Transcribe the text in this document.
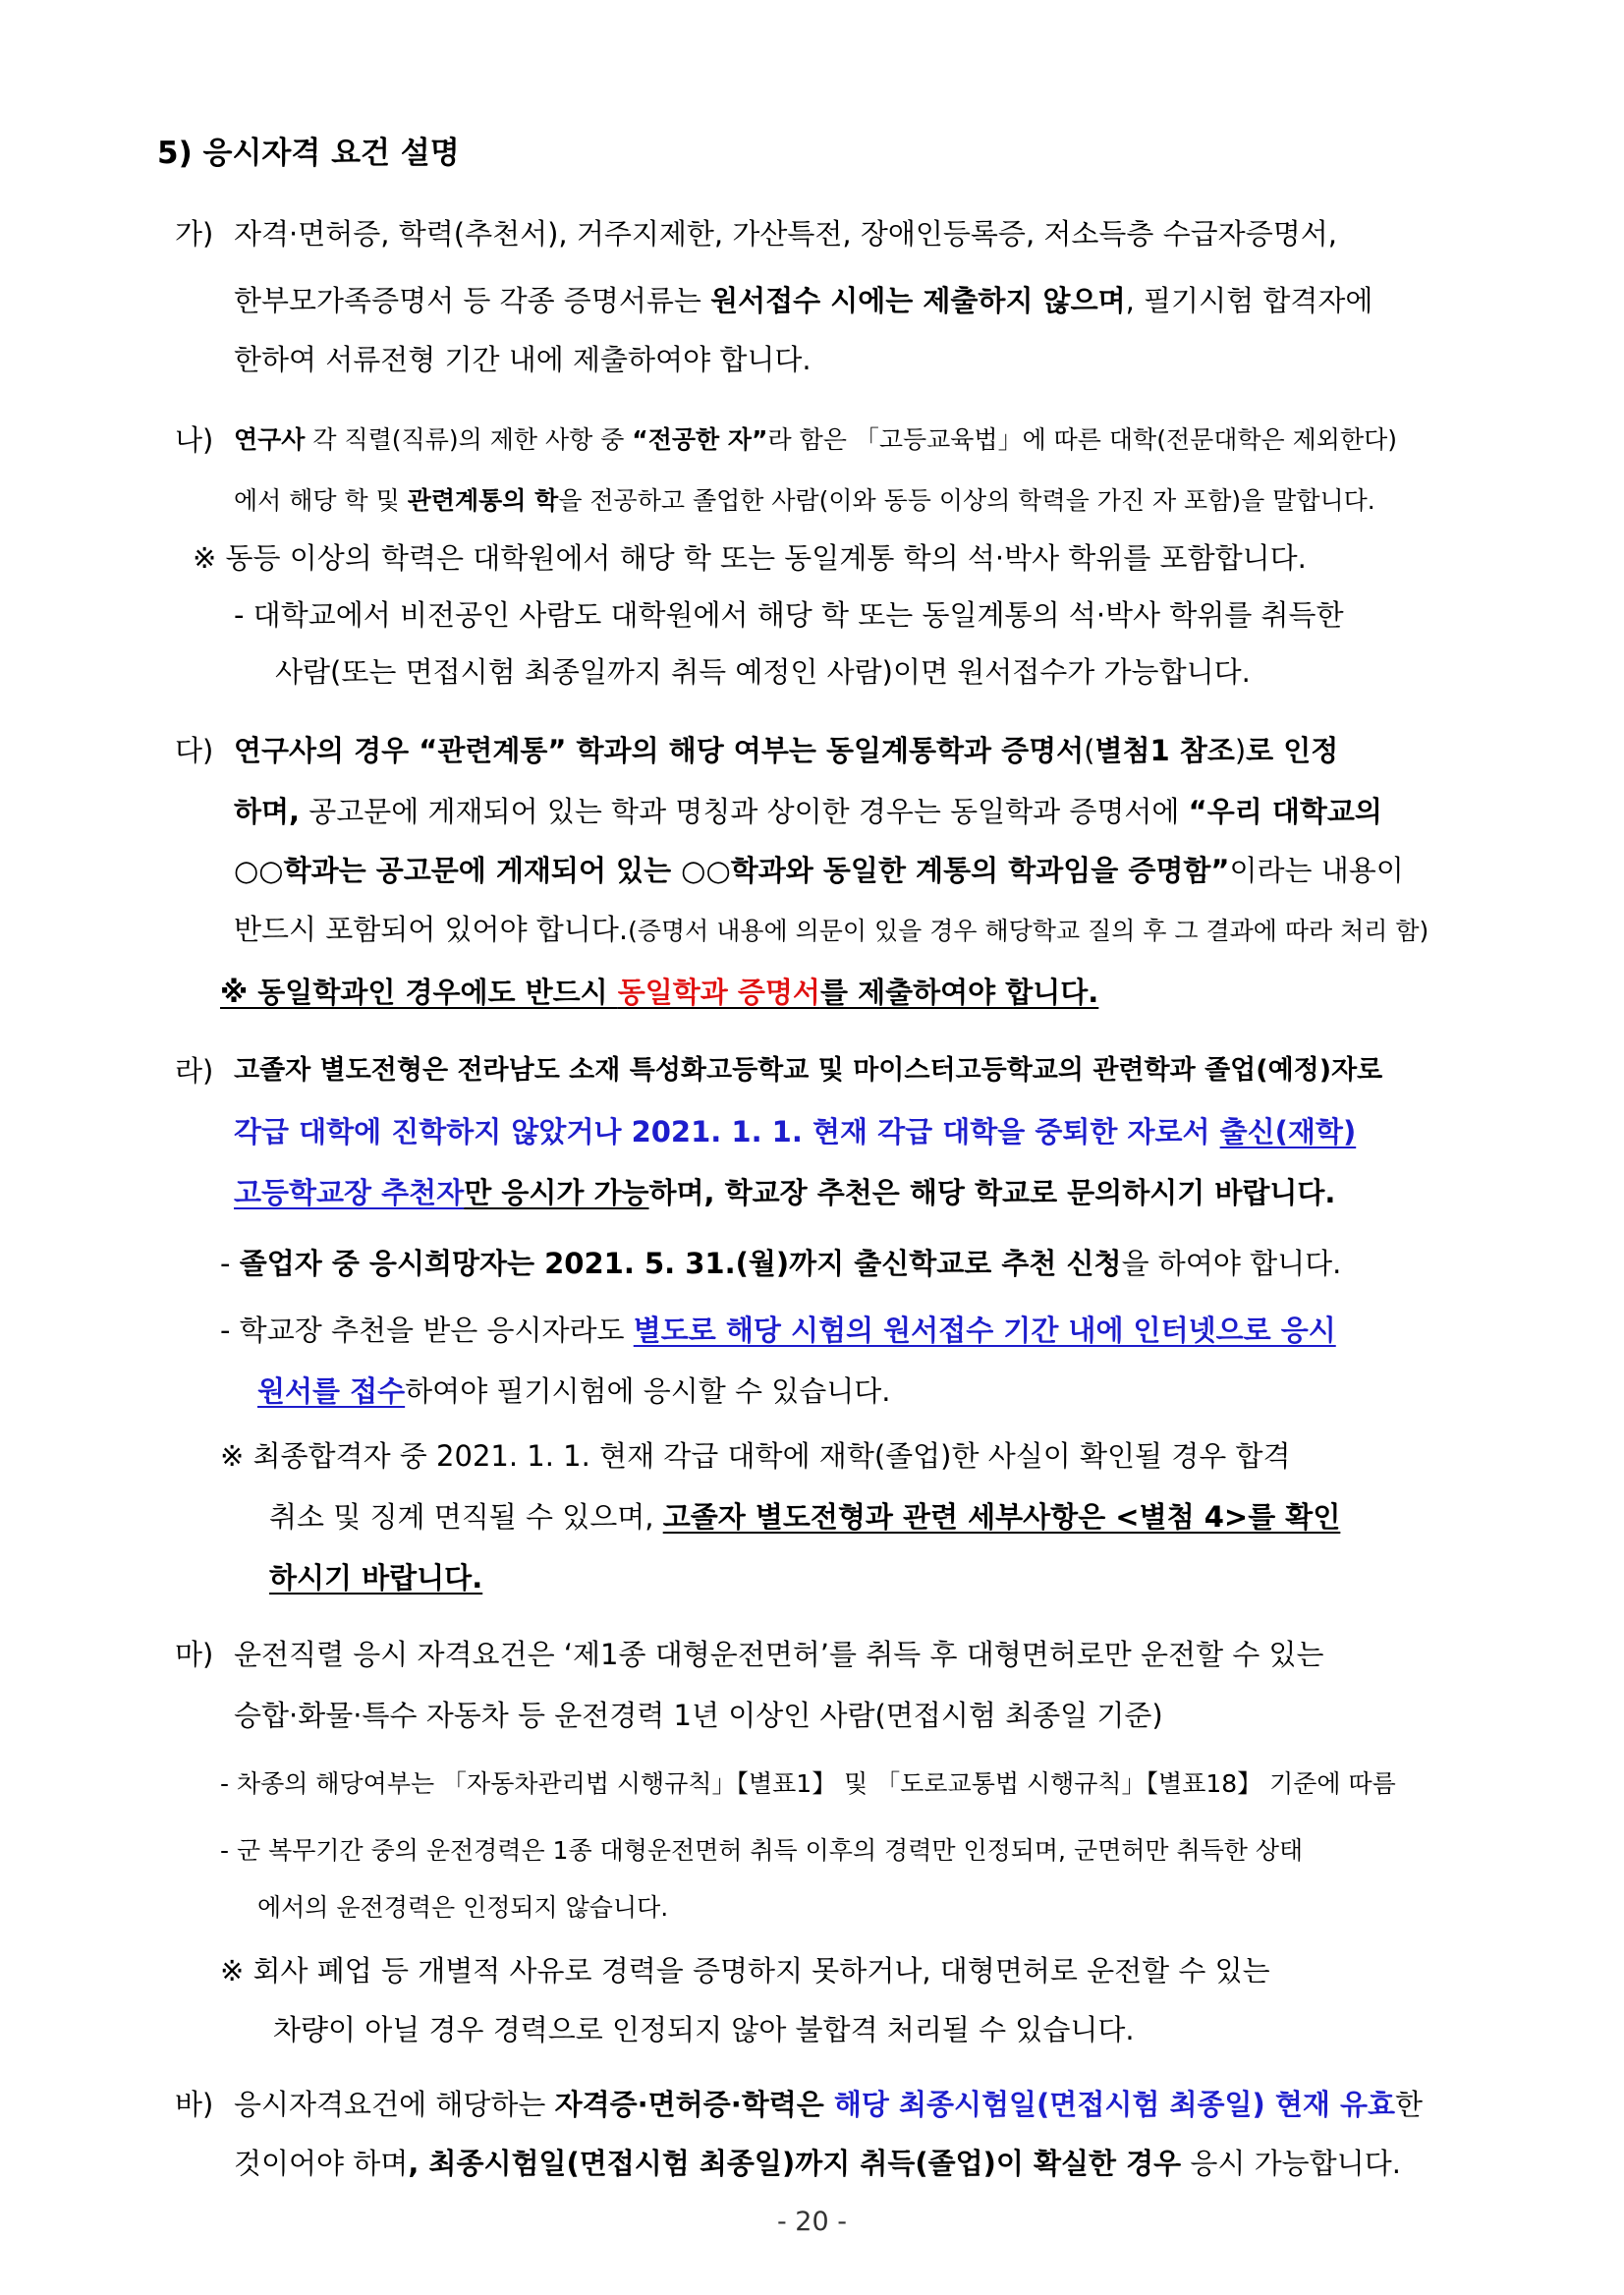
5) 응시자격 요건 설명
가) 자격·면허증, 학력(추천서), 거주지제한, 가산특전, 장애인등록증, 저소득층 수급자증명서,
한부모가족증명서 등 각종 증명서류는 원서접수 시에는 제출하지 않으며, 필기시험 합격자에
한하여 서류전형 기간 내에 제출하여야 합니다.
나) 연구사 각 직렬(직류)의 제한 사항 중 “전공한 자”라 함은 「고등교육법」에 따른 대학(전문대학은 제외한다)
에서 해당 학 및 관련계통의 학을 전공하고 졸업한 사람(이와 동등 이상의 학력을 가진 자 포함)을 말합니다.
※ 동등 이상의 학력은 대학원에서 해당 학 또는 동일계통 학의 석·박사 학위를 포함합니다.
- 대학교에서 비전공인 사람도 대학원에서 해당 학 또는 동일계통의 석·박사 학위를 취득한
사람(또는 면접시험 최종일까지 취득 예정인 사람)이면 원서접수가 가능합니다.
다) 연구사의 경우 “관련계통” 학과의 해당 여부는 동일계통학과 증명서(별첨1 참조)로 인정
하며, 공고문에 게재되어 있는 학과 명칭과 상이한 경우는 동일학과 증명서에 “우리 대학교의
○○학과는 공고문에 게재되어 있는 ○○학과와 동일한 계통의 학과임을 증명함”이라는 내용이
반드시 포함되어 있어야 합니다.(증명서 내용에 의문이 있을 경우 해당학교 질의 후 그 결과에 따라 처리 함)
※ 동일학과인 경우에도 반드시 동일학과 증명서를 제출하여야 합니다.
라) 고졸자 별도전형은 전라남도 소재 특성화고등학교 및 마이스터고등학교의 관련학과 졸업(예정)자로
각급 대학에 진학하지 않았거나 2021. 1. 1. 현재 각급 대학을 중퇴한 자로서 출신(재학)
고등학교장 추천자만 응시가 가능하며, 학교장 추천은 해당 학교로 문의하시기 바랍니다.
- 졸업자 중 응시희망자는 2021. 5. 31.(월)까지 출신학교로 추천 신청을 하여야 합니다.
- 학교장 추천을 받은 응시자라도 별도로 해당 시험의 원서접수 기간 내에 인터넷으로 응시
원서를 접수하여야 필기시험에 응시할 수 있습니다.
※ 최종합격자 중 2021. 1. 1. 현재 각급 대학에 재학(졸업)한 사실이 확인될 경우 합격
취소 및 징계 면직될 수 있으며, 고졸자 별도전형과 관련 세부사항은 <별첨 4>를 확인
하시기 바랍니다.
마) 운전직렬 응시 자격요건은 ‘제1종 대형운전면허’를 취득 후 대형면허로만 운전할 수 있는
승합·화물·특수 자동차 등 운전경력 1년 이상인 사람(면접시험 최종일 기준)
- 차종의 해당여부는 「자동차관리법 시행규칙」【별표1】 및 「도로교통법 시행규칙」【별표18】 기준에 따름
- 군 복무기간 중의 운전경력은 1종 대형운전면허 취득 이후의 경력만 인정되며, 군면허만 취득한 상태
에서의 운전경력은 인정되지 않습니다.
※ 회사 폐업 등 개별적 사유로 경력을 증명하지 못하거나, 대형면허로 운전할 수 있는
차량이 아닐 경우 경력으로 인정되지 않아 불합격 처리될 수 있습니다.
바) 응시자격요건에 해당하는 자격증·면허증·학력은 해당 최종시험일(면접시험 최종일) 현재 유효한
것이어야 하며, 최종시험일(면접시험 최종일)까지 취득(졸업)이 확실한 경우 응시 가능합니다.
- 20 -
